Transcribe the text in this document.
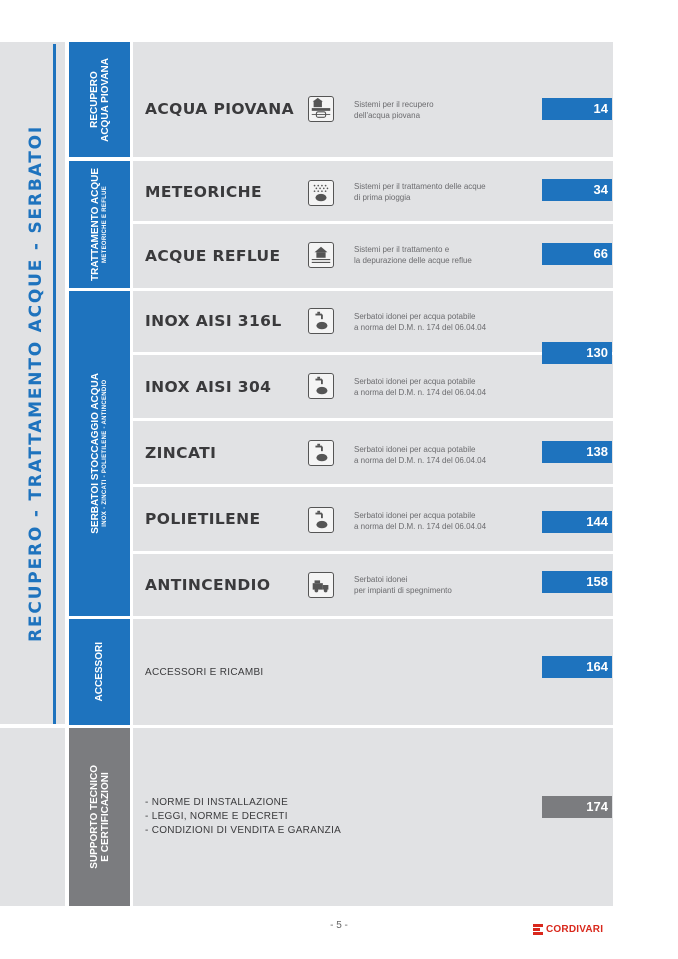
RECUPERO - TRATTAMENTO ACQUE - SERBATOI
RECUPERO
ACQUA PIOVANA
TRATTAMENTO ACQUE METEORICHE E REFLUE
SERBATOI STOCCAGGIO ACQUA INOX - ZINCATI - POLIETILENE - ANTINCENDIO
ACCESSORI
SUPPORTO TECNICO
E CERTIFICAZIONI
ACQUA PIOVANA	Sistemi per il recupero
dell'acqua piovana	14
METEORICHE	Sistemi per il trattamento delle acque
di prima pioggia
34
ACQUE REFLUE	Sistemi per il trattamento e
la depurazione delle acque reflue	66
INOX AISI 316L	Serbatoi idonei per acqua potabile
a norma del D.M. n. 174 del 06.04.04
INOX AISI 304	Serbatoi idonei per acqua potabile
a norma del D.M. n. 174 del 06.04.04
130
ZINCATI	Serbatoi idonei per acqua potabile
a norma del D.M. n. 174 del 06.04.04
138
POLIETILENE	Serbatoi idonei per acqua potabile
a norma del D.M. n. 174 del 06.04.04	144
ANTINCENDIO	Serbatoi idonei
per impianti di spegnimento
158
ACCESSORI E RICAMBI	164
- NORME DI INSTALLAZIONE
- LEGGI, NORME E DECRETI
- CONDIZIONI DI VENDITA E GARANZIA
174
- 5 -	CORDIVARI
